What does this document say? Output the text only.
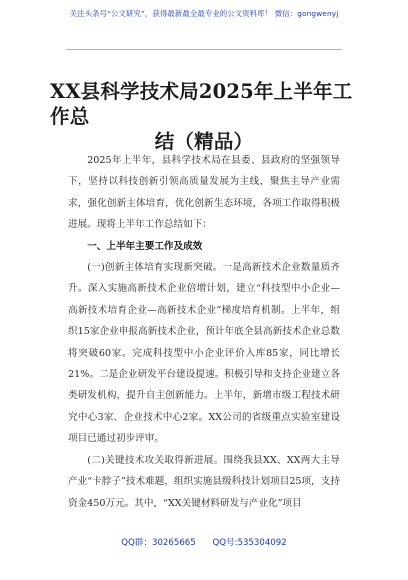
关注头条号“公文研究”，获得最新最全最专业的公文资料库！ 微信：gongwenyj
XX县科学技术局2025年上半年工作总
结（精品）

2025年上半年，县科学技术局在县委、县政府的坚强领导下，坚持以科技创新引领高质量发展为主线，聚焦主导产业需求，强化创新主体培育，优化创新生态环境，各项工作取得积极进展。现将上半年工作总结如下：

一、上半年主要工作及成效

(一)创新主体培育实现新突破。一是高新技术企业数量质齐升。深入实施高新技术企业倍增计划，建立“科技型中小企业—高新技术培育企业—高新技术企业”梯度培育机制。上半年，组织15家企业申报高新技术企业，预计年底全县高新技术企业总数将突破60家。完成科技型中小企业评价入库85家，同比增长21%。二是企业研发平台建设提速。积极引导和支持企业建立各类研发机构，提升自主创新能力。上半年，新增市级工程技术研究中心3家、企业技术中心2家。XX公司的省级重点实验室建设项目已通过初步评审。

(二)关键技术攻关取得新进展。围绕我县XX、XX两大主导产业“卡脖子”技术难题，组织实施县级科技计划项目25项，支持资金450万元。其中，“XX关键材料研发与产业化”项目

QQ群：30265665 QQ号:535304092
